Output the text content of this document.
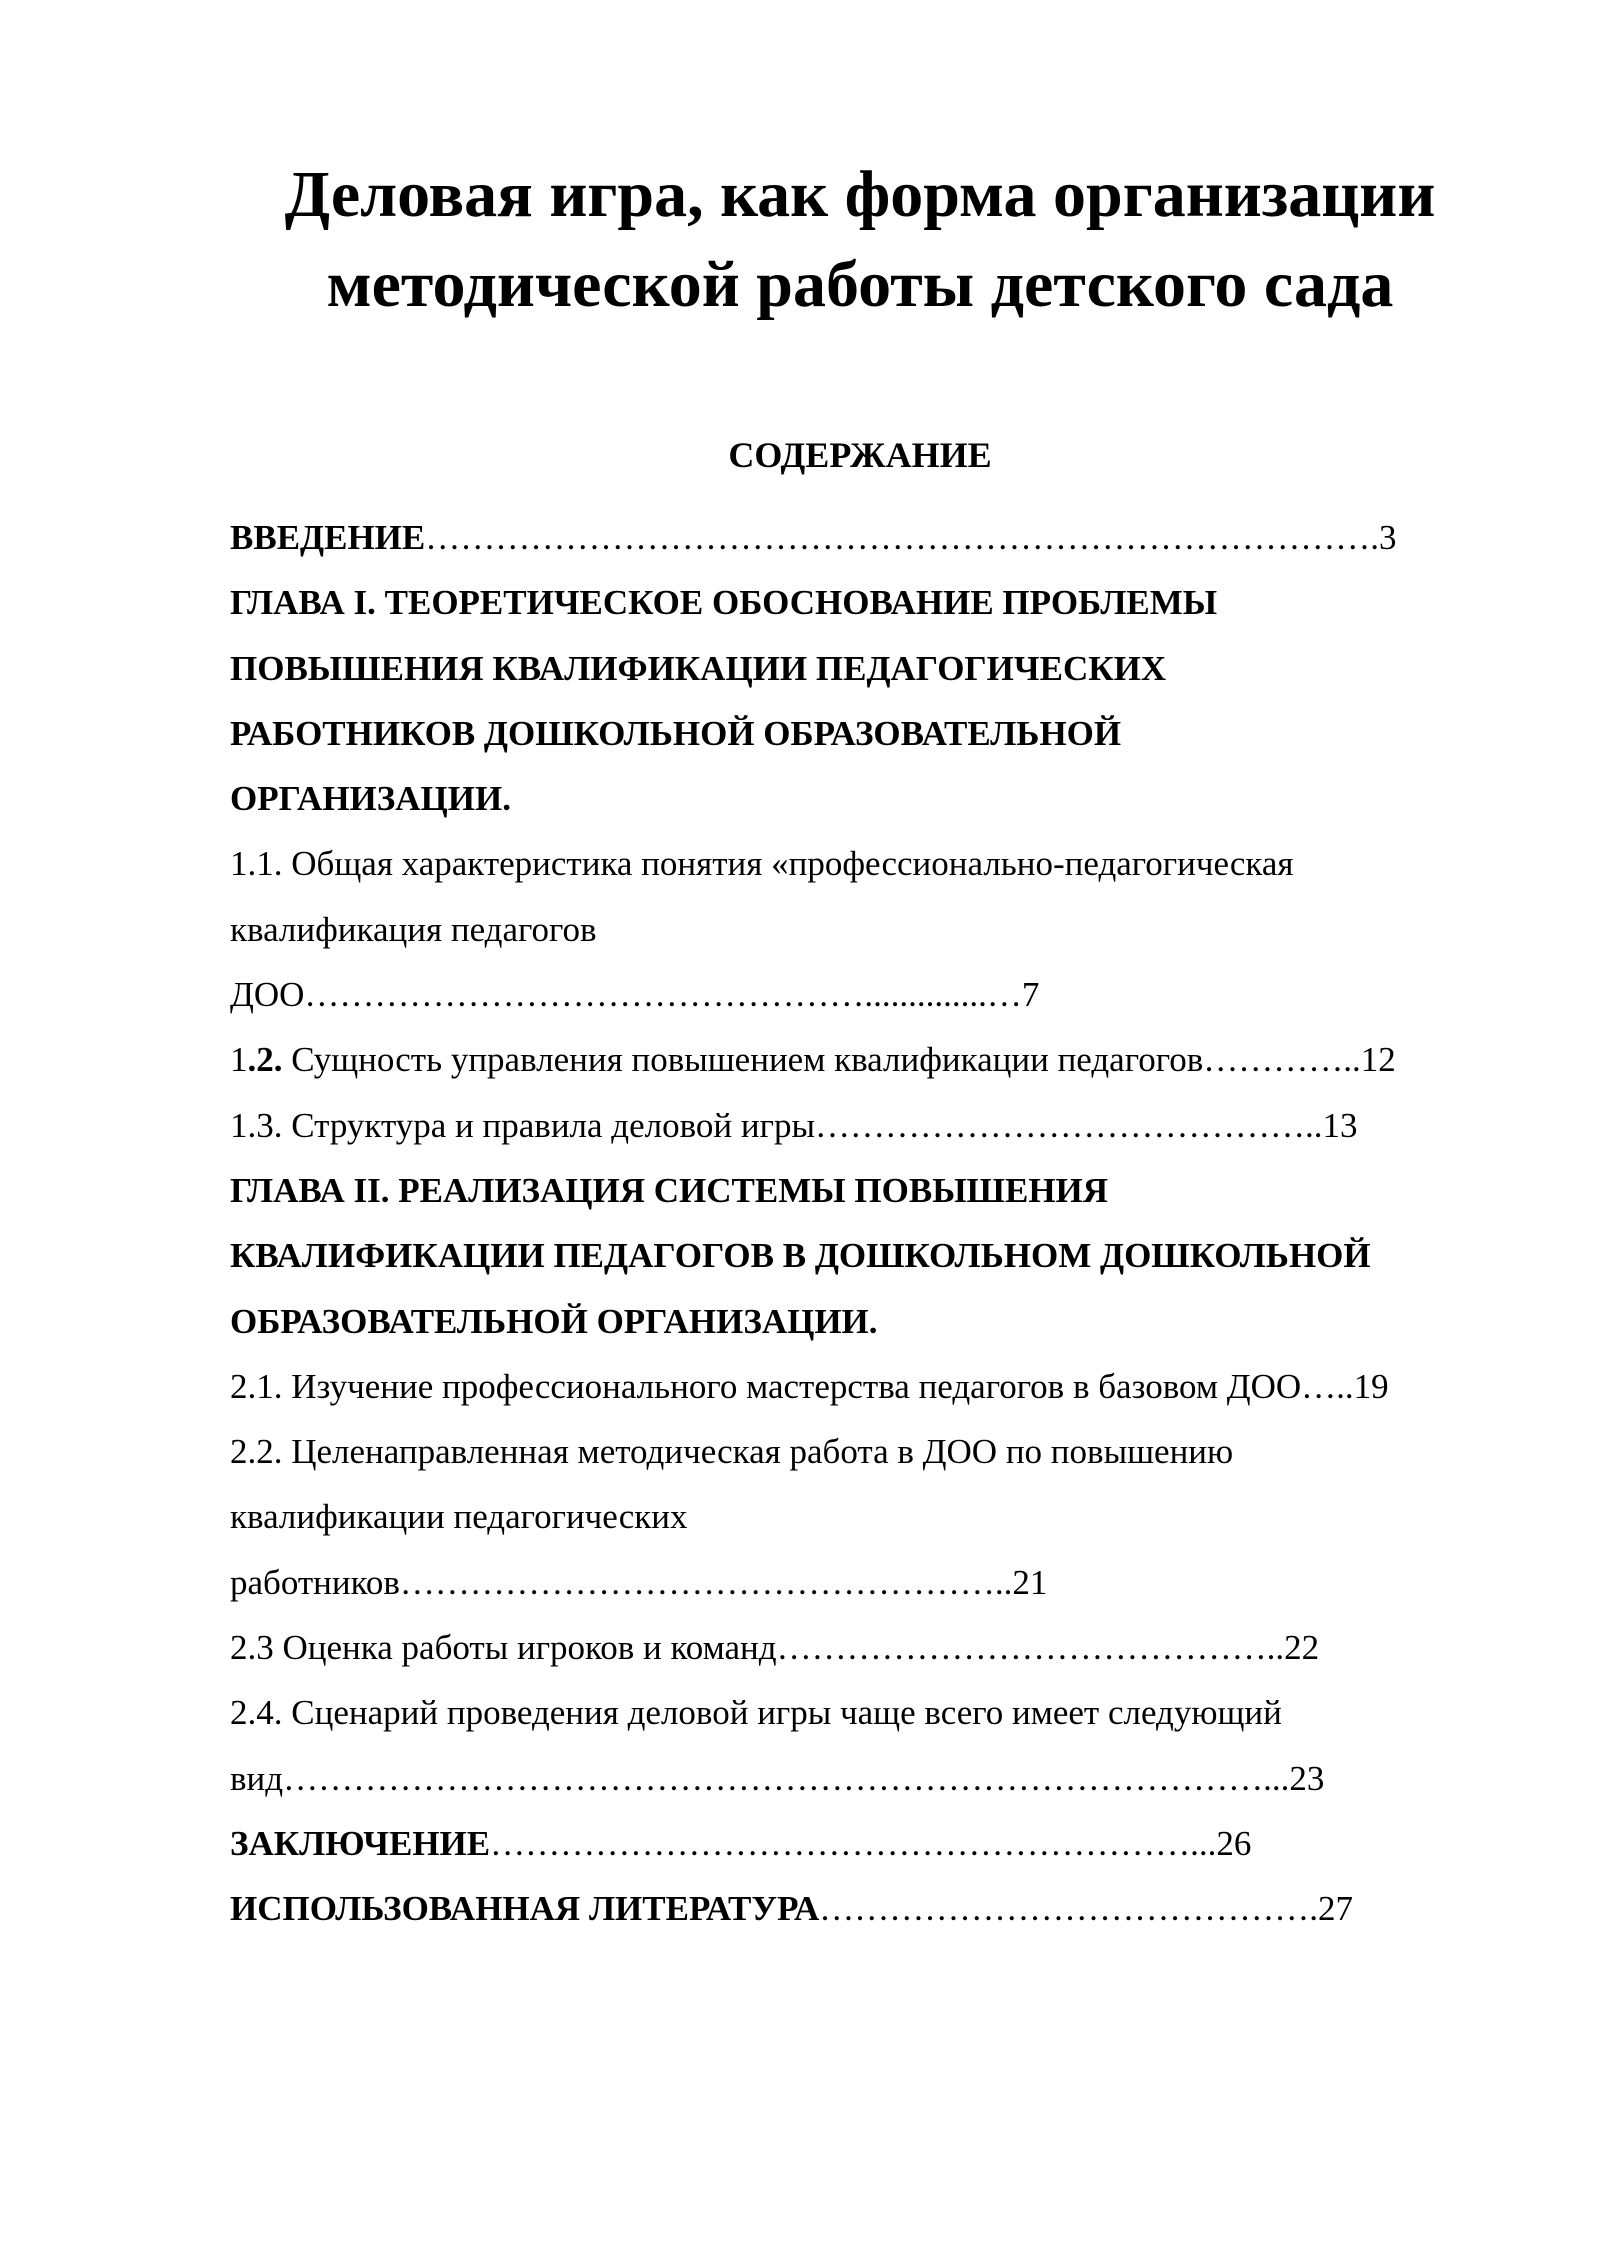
Деловая игра, как форма организации
методической работы детского сада
СОДЕРЖАНИЕ
ВВЕДЕНИЕ……………………………………………………………………….3
ГЛАВА I. ТЕОРЕТИЧЕСКОЕ ОБОСНОВАНИЕ ПРОБЛЕМЫ
ПОВЫШЕНИЯ КВАЛИФИКАЦИИ ПЕДАГОГИЧЕСКИХ
РАБОТНИКОВ ДОШКОЛЬНОЙ ОБРАЗОВАТЕЛЬНОЙ
ОРГАНИЗАЦИИ.
1.1. Общая характеристика понятия «профессионально-педагогическая
квалификация педагогов
ДОО…………………………………………..............…7
1.2. Сущность управления повышением квалификации педагогов…………..12
1.3. Структура и правила деловой игры……………………………………..13
ГЛАВА II. РЕАЛИЗАЦИЯ СИСТЕМЫ ПОВЫШЕНИЯ
КВАЛИФИКАЦИИ ПЕДАГОГОВ В ДОШКОЛЬНОМ ДОШКОЛЬНОЙ
ОБРАЗОВАТЕЛЬНОЙ ОРГАНИЗАЦИИ.
2.1. Изучение профессионального мастерства педагогов в базовом ДОО…..19
2.2. Целенаправленная методическая работа в ДОО по повышению
квалификации педагогических
работников……………………………………………..21
2.3 Оценка работы игроков и команд……………………………………..22
2.4. Сценарий проведения деловой игры чаще всего имеет следующий
вид…………………………………………………………………………...23
ЗАКЛЮЧЕНИЕ……………………………………………………...26
ИСПОЛЬЗОВАННАЯ ЛИТЕРАТУРА…………………………………….27
